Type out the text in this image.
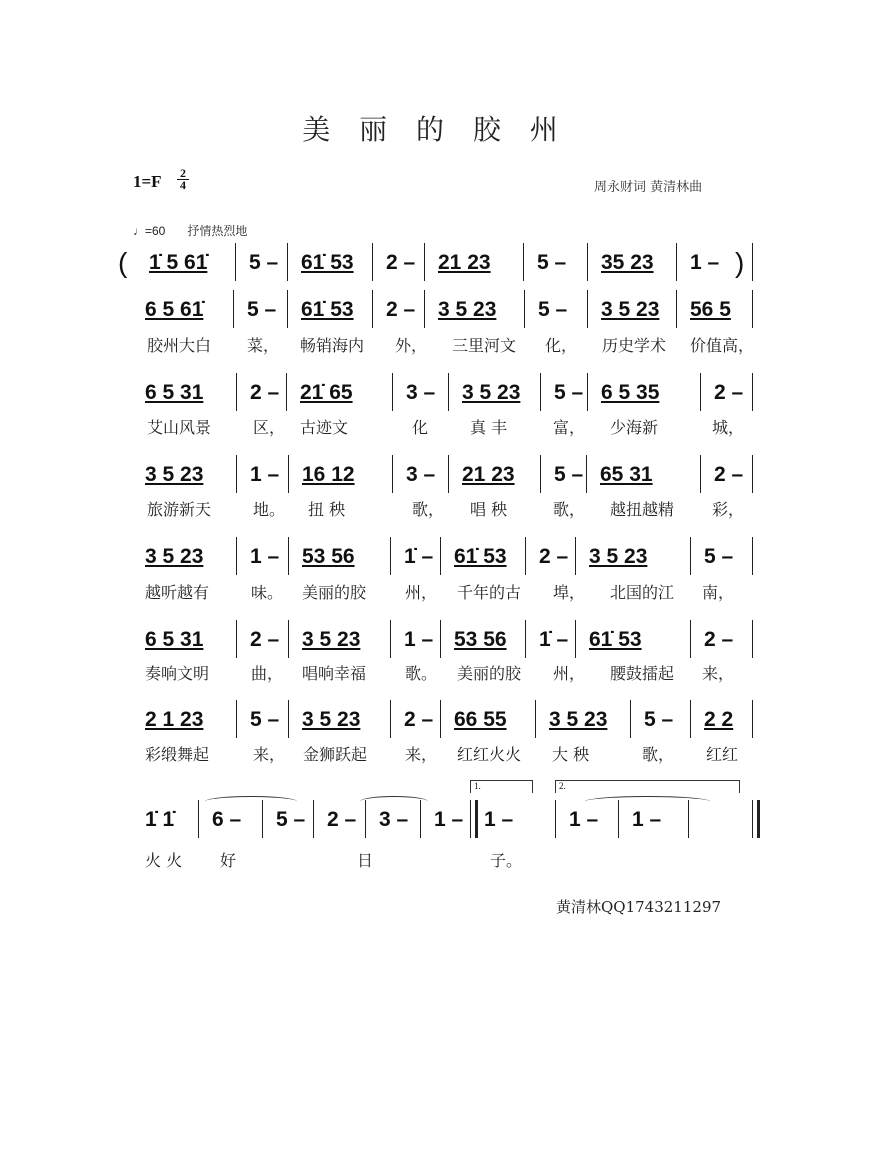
美 丽 的 胶 州
1=F 2
4	周永财词 黄清林曲
♩=60 抒情热烈地
1̇ 5 61̇ 5 – 61̇ 53 2 – 21 23 5 – 35 23 1 –
(	)
6 5 61̇ 5 – 61̇ 53 2 – 3 5 23 5 – 3 5 23 56 5
胶州大白 菜， 畅销海内 外， 三里河文 化， 历史学术 价值高，
6 5 31 2 – 21̇ 65	3 – 3 5 23 5 – 6 5 35	2 –
艾山风景	区， 古迹文	化	真 丰	富， 少海新	城，
3 5 23 1 – 16 12 3 – 21 23 5 – 65 31	2 –
旅游新天	地。 扭 秧	歌， 唱 秧	歌， 越扭越精 彩，
3 5 23 1 – 53 56 1̇ – 61̇ 53 2 – 3 5 23	5 –
越听越有	味。 美丽的胶 州， 千年的古 埠， 北国的江 南，
6 5 31 2 – 3 5 23 1 – 53 56 1̇ – 61̇ 53	2 –
奏响文明	曲， 唱响幸福 歌。 美丽的胶 州， 腰鼓擂起 来，
2 1 23 5 – 3 5 23 2 – 66 55 3 5 23 5 – 2 2
彩缎舞起	来， 金狮跃起 来， 红红火火 大 秧	歌， 红红
1̇ 1̇ 6 – 5 – 2 – 3 – 1 – 1 –	1 – 1 –
1.	2.
火 火 好	日	子。
黄清林QQ1743211297
